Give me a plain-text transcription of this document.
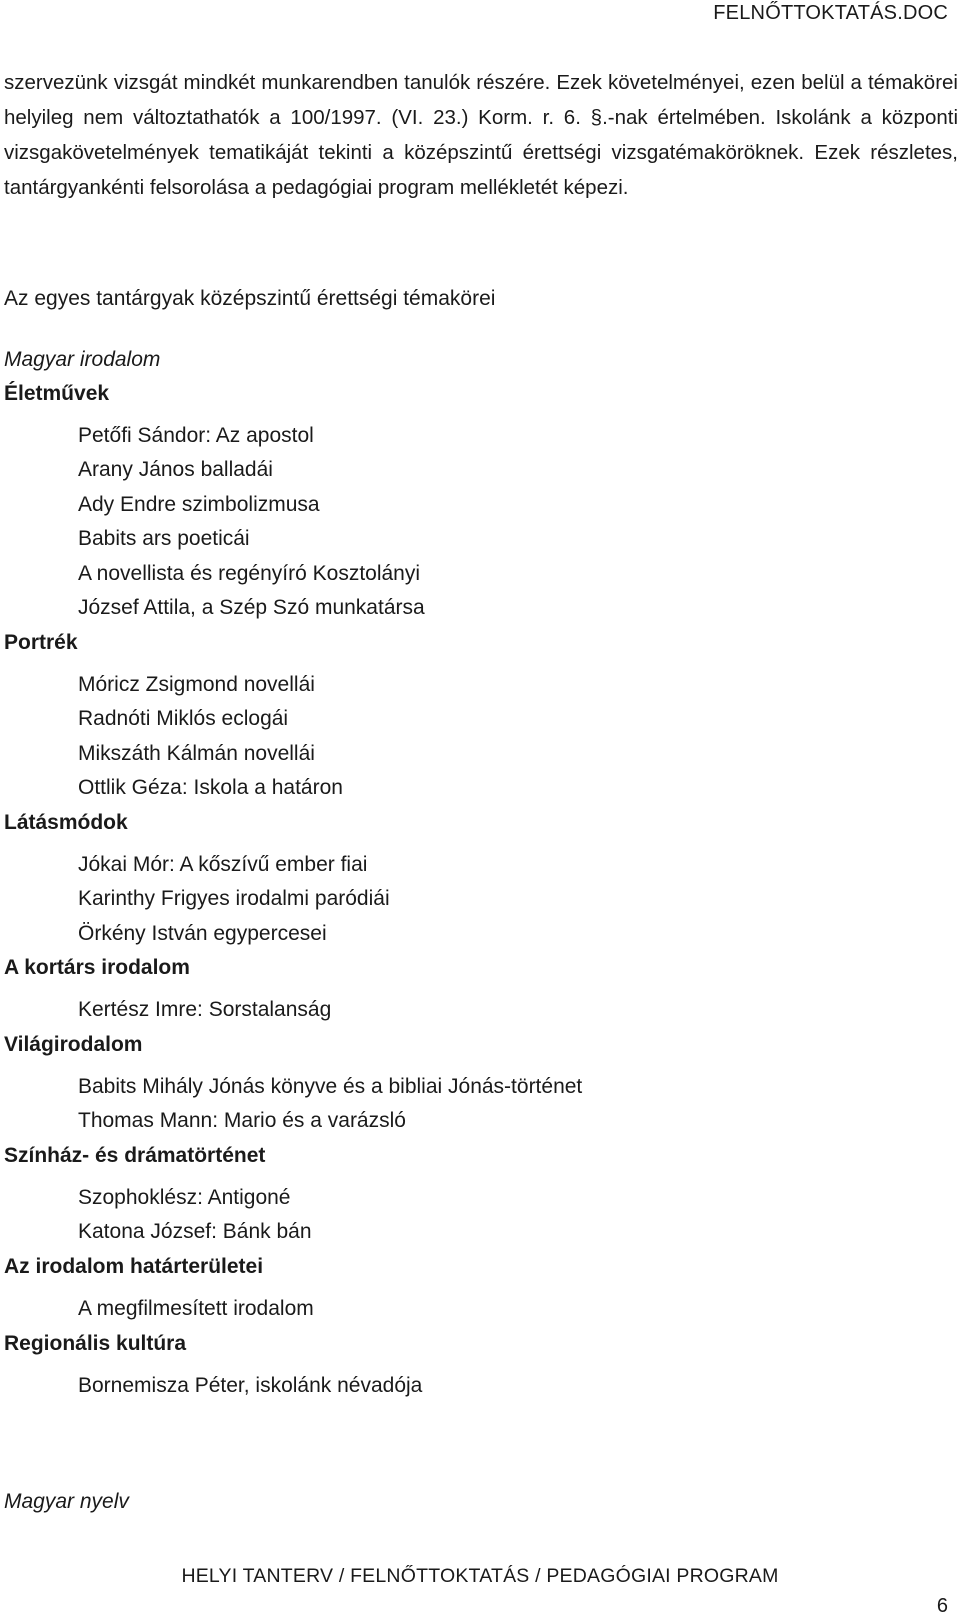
FELNŐTTOKTATÁS.DOC

szervezünk vizsgát mindkét munkarendben tanulók részére. Ezek követelményei, ezen belül a témakörei helyileg nem változtathatók a 100/1997. (VI. 23.) Korm. r. 6. §.-nak értelmében. Iskolánk a központi vizsgakövetelmények tematikáját tekinti a középszintű érettségi vizsgatémaköröknek. Ezek részletes, tantárgyankénti felsorolása a pedagógiai program mellékletét képezi.

Az egyes tantárgyak középszintű érettségi témakörei
Magyar irodalom
Életművek
Petőfi Sándor: Az apostol
Arany János balladái
Ady Endre szimbolizmusa
Babits ars poeticái
A novellista és regényíró Kosztolányi
József Attila, a Szép Szó munkatársa
Portrék
Móricz Zsigmond novellái
Radnóti Miklós eclogái
Mikszáth Kálmán novellái
Ottlik Géza: Iskola a határon
Látásmódok
Jókai Mór: A kőszívű ember fiai
Karinthy Frigyes irodalmi paródiái
Örkény István egypercesei
A kortárs irodalom
Kertész Imre: Sorstalanság
Világirodalom
Babits Mihály Jónás könyve és a bibliai Jónás-történet
Thomas Mann: Mario és a varázsló
Színház- és drámatörténet
Szophoklész: Antigoné
Katona József: Bánk bán
Az irodalom határterületei
A megfilmesített irodalom
Regionális kultúra
Bornemisza Péter, iskolánk névadója
Magyar nyelv
HELYI TANTERV / FELNŐTTOKTATÁS / PEDAGÓGIAI PROGRAM
6
